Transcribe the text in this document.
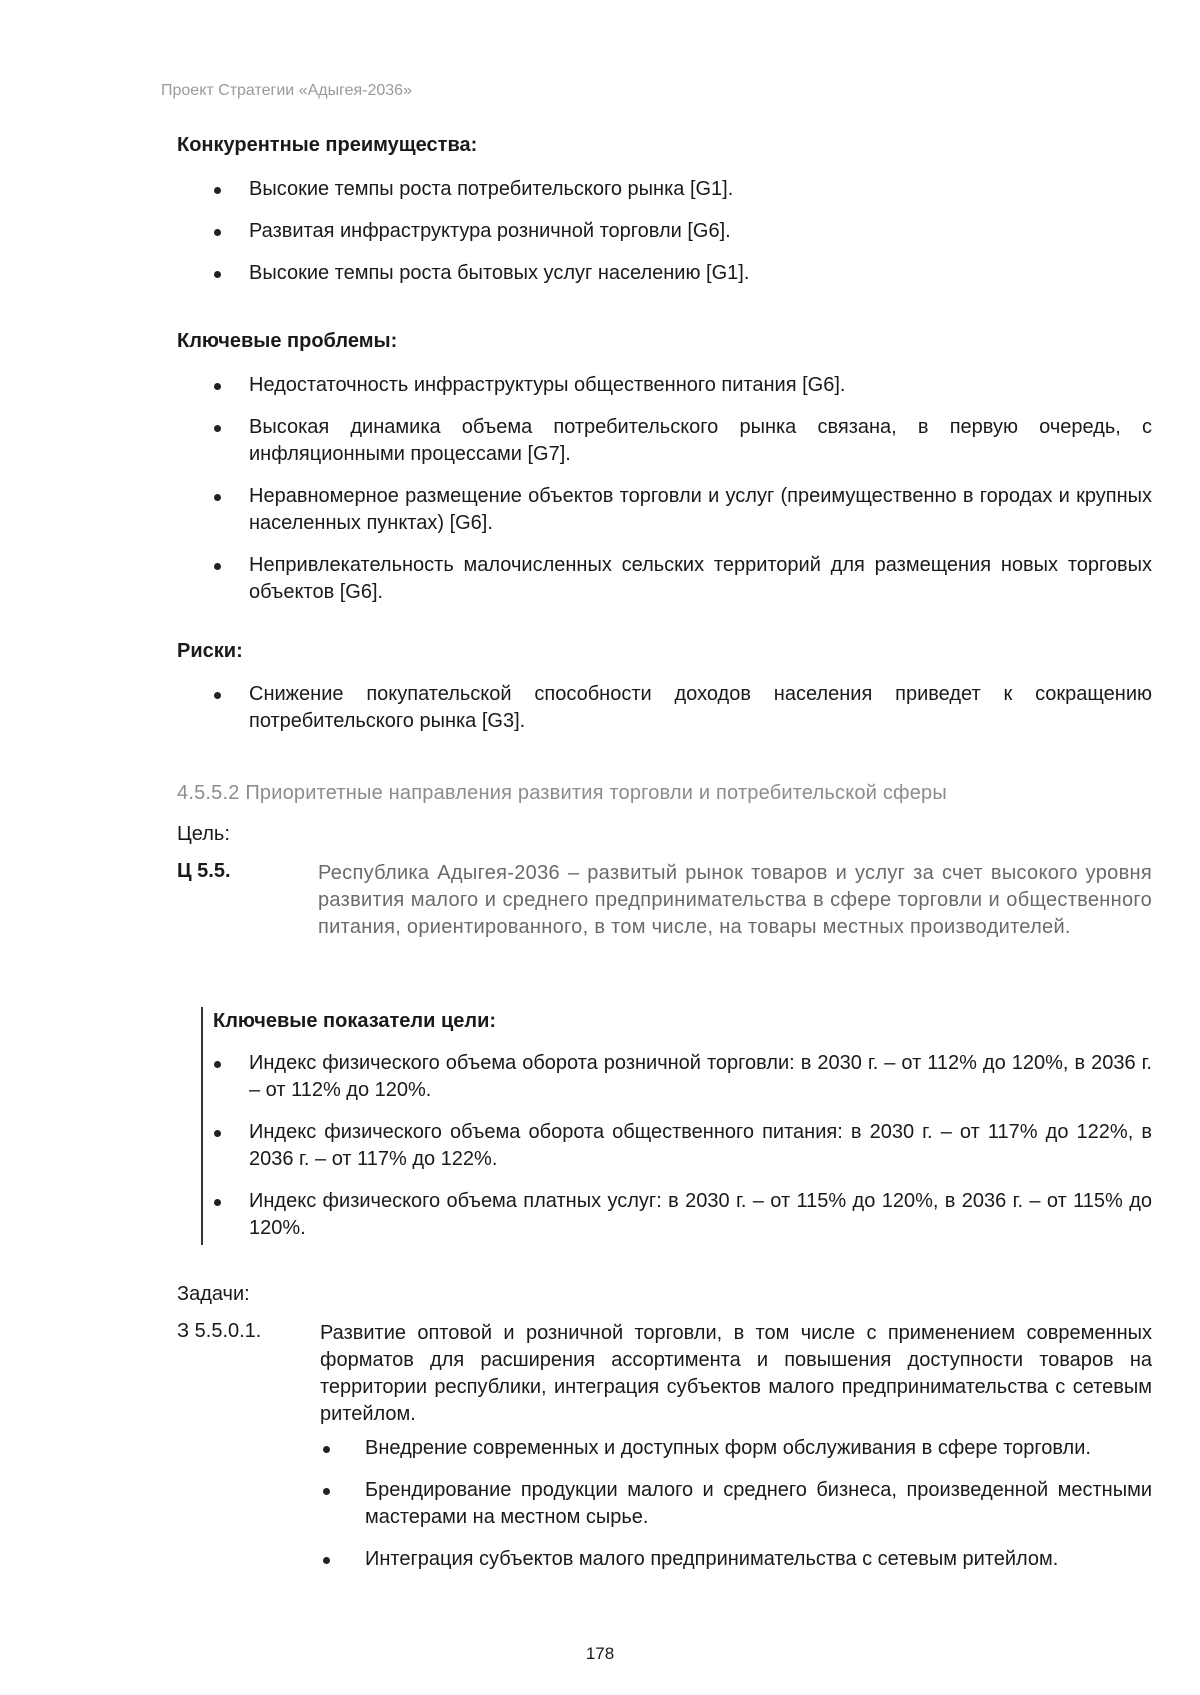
Проект Стратегии «Адыгея-2036»
Конкурентные преимущества:
Высокие темпы роста потребительского рынка [G1].
Развитая инфраструктура розничной торговли [G6].
Высокие темпы роста бытовых услуг населению [G1].
Ключевые проблемы:
Недостаточность инфраструктуры общественного питания [G6].
Высокая динамика объема потребительского рынка связана, в первую очередь, с инфляционными процессами [G7].
Неравномерное размещение объектов торговли и услуг (преимущественно в городах и крупных населенных пунктах) [G6].
Непривлекательность малочисленных сельских территорий для размещения новых торговых объектов [G6].
Риски:
Снижение покупательской способности доходов населения приведет к сокращению потребительского рынка [G3].
4.5.5.2 Приоритетные направления развития торговли и потребительской сферы
Цель:
Ц 5.5.	Республика Адыгея-2036 – развитый рынок товаров и услуг за счет высокого уровня развития малого и среднего предпринимательства в сфере торговли и общественного питания, ориентированного, в том числе, на товары местных производителей.
Ключевые показатели цели:
Индекс физического объема оборота розничной торговли: в 2030 г. – от 112% до 120%, в 2036 г. – от 112% до 120%.
Индекс физического объема оборота общественного питания: в 2030 г. – от 117% до 122%, в 2036 г. – от 117% до 122%.
Индекс физического объема платных услуг: в 2030 г. – от 115% до 120%, в 2036 г. – от 115% до 120%.
Задачи:
З 5.5.0.1.	Развитие оптовой и розничной торговли, в том числе с применением современных форматов для расширения ассортимента и повышения доступности товаров на территории республики, интеграция субъектов малого предпринимательства с сетевым ритейлом.
Внедрение современных и доступных форм обслуживания в сфере торговли.
Брендирование продукции малого и среднего бизнеса, произведенной местными мастерами на местном сырье.
Интеграция субъектов малого предпринимательства с сетевым ритейлом.
178
